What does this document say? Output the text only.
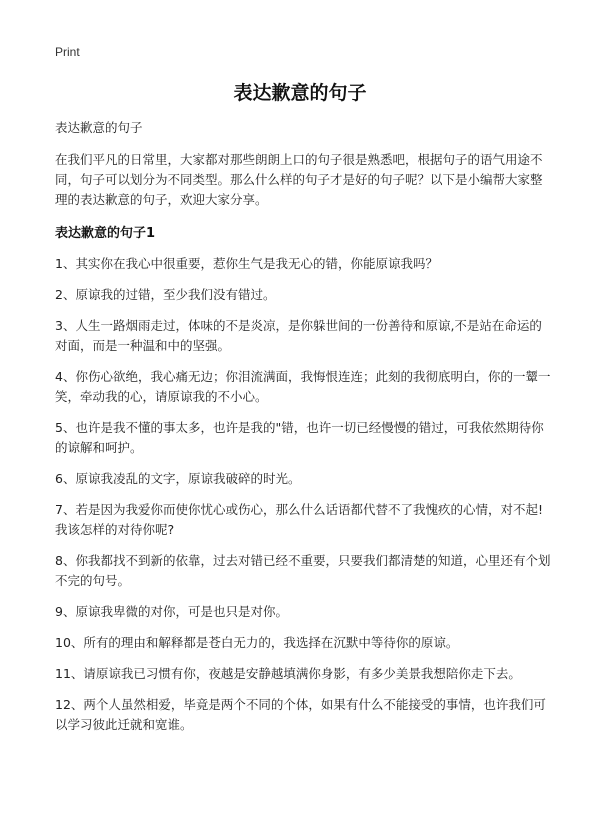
Print
表达歉意的句子

表达歉意的句子

在我们平凡的日常里，大家都对那些朗朗上口的句子很是熟悉吧，根据句子的语气用途不同，句子可以划分为不同类型。那么什么样的句子才是好的句子呢？以下是小编帮大家整理的表达歉意的句子，欢迎大家分享。

表达歉意的句子1

1、其实你在我心中很重要，惹你生气是我无心的错，你能原谅我吗？

2、原谅我的过错，至少我们没有错过。

3、人生一路烟雨走过，体味的不是炎凉，是你躲世间的一份善待和原谅,不是站在命运的对面，而是一种温和中的坚强。

4、你伤心欲绝，我心痛无边；你泪流满面，我悔恨连连；此刻的我彻底明白，你的一颦一笑，牵动我的心，请原谅我的不小心。

5、也许是我不懂的事太多，也许是我的"错，也许一切已经慢慢的错过，可我依然期待你的谅解和呵护。

6、原谅我凌乱的文字，原谅我破碎的时光。

7、若是因为我爱你而使你忧心或伤心，那么什么话语都代替不了我愧疚的心情，对不起!我该怎样的对待你呢?

8、你我都找不到新的依靠，过去对错已经不重要，只要我们都清楚的知道，心里还有个划不完的句号。

9、原谅我卑微的对你，可是也只是对你。

10、所有的理由和解释都是苍白无力的，我选择在沉默中等待你的原谅。

11、请原谅我已习惯有你，夜越是安静越填满你身影，有多少美景我想陪你走下去。

12、两个人虽然相爱，毕竟是两个不同的个体，如果有什么不能接受的事情，也许我们可以学习彼此迁就和宽谁。
